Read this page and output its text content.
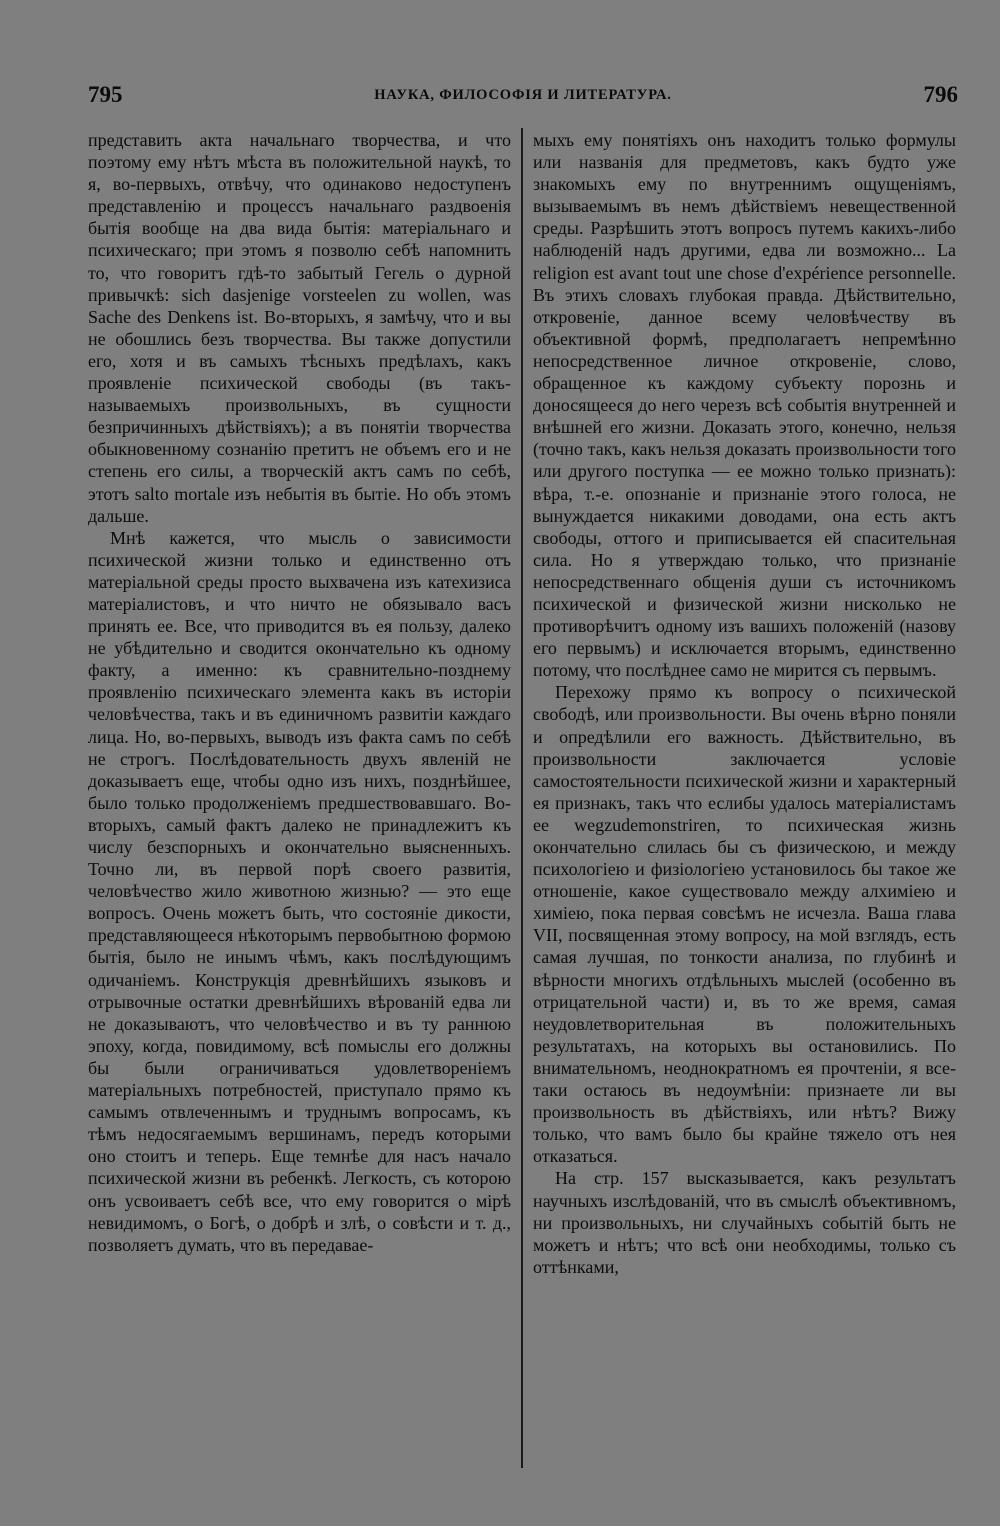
795	НАУКА, ФИЛОСОФІЯ И ЛИТЕРАТУРА.	796

представить акта начальнаго творчества, и что поэтому ему нѣтъ мѣста въ положительной наукѣ, то я, во-первыхъ, отвѣчу, что одинаково недоступенъ представленію и процессъ начальнаго раздвоенія бытія вообще на два вида бытія: матеріальнаго и психическаго; при этомъ я позволю себѣ напомнить то, что говоритъ гдѣ-то забытый Гегель о дурной привычкѣ: sich dasjenige vorsteelen zu wollen, was Sache des Denkens ist. Во-вторыхъ, я замѣчу, что и вы не обошлись безъ творчества. Вы также допустили его, хотя и въ самыхъ тѣсныхъ предѣлахъ, какъ проявленіе психической свободы (въ такъ-называемыхъ произвольныхъ, въ сущности безпричинныхъ дѣйствіяхъ); а въ понятіи творчества обыкновенному сознанію претитъ не объемъ его и не степень его силы, а творческій актъ самъ по себѣ, этотъ salto mortale изъ небытія въ бытіе. Но объ этомъ дальше.

Мнѣ кажется, что мысль о зависимости психической жизни только и единственно отъ матеріальной среды просто выхвачена изъ катехизиса матеріалистовъ, и что ничто не обязывало васъ принять ее. Все, что приводится въ ея пользу, далеко не убѣдительно и сводится окончательно къ одному факту, а именно: къ сравнительно-позднему проявленію психическаго элемента какъ въ исторіи человѣчества, такъ и въ единичномъ развитіи каждаго лица. Но, во-первыхъ, выводъ изъ факта самъ по себѣ не строгъ. Послѣдовательность двухъ явленій не доказываетъ еще, чтобы одно изъ нихъ, позднѣйшее, было только продолженіемъ предшествовавшаго. Во-вторыхъ, самый фактъ далеко не принадлежитъ къ числу безспорныхъ и окончательно выясненныхъ. Точно ли, въ первой порѣ своего развитія, человѣчество жило животною жизнью? — это еще вопросъ. Очень можетъ быть, что состояніе дикости, представляющееся нѣкоторымъ первобытною формою бытія, было не инымъ чѣмъ, какъ послѣдующимъ одичаніемъ. Конструкція древнѣйшихъ языковъ и отрывочные остатки древнѣйшихъ вѣрованій едва ли не доказываютъ, что человѣчество и въ ту раннюю эпоху, когда, повидимому, всѣ помыслы его должны бы были ограничиваться удовлетвореніемъ матеріальныхъ потребностей, приступало прямо къ самымъ отвлеченнымъ и труднымъ вопросамъ, къ тѣмъ недосягаемымъ вершинамъ, передъ которыми оно стоитъ и теперь. Еще темнѣе для насъ начало психической жизни въ ребенкѣ. Легкость, съ которою онъ усвоиваетъ себѣ все, что ему говорится о мірѣ невидимомъ, о Богѣ, о добрѣ и злѣ, о совѣсти и т. д., позволяетъ думать, что въ передавае-

мыхъ ему понятіяхъ онъ находитъ только формулы или названія для предметовъ, какъ будто уже знакомыхъ ему по внутреннимъ ощущеніямъ, вызываемымъ въ немъ дѣйствіемъ невещественной среды. Разрѣшить этотъ вопросъ путемъ какихъ-либо наблюденій надъ другими, едва ли возможно... La religion est avant tout une chose d'expérience personnelle. Въ этихъ словахъ глубокая правда. Дѣйствительно, откровеніе, данное всему человѣчеству въ объективной формѣ, предполагаетъ непремѣнно непосредственное личное откровеніе, слово, обращенное къ каждому субъекту порознь и доносящееся до него черезъ всѣ событія внутренней и внѣшней его жизни. Доказать этого, конечно, нельзя (точно такъ, какъ нельзя доказать произвольности того или другого поступка — ее можно только признать): вѣра, т.-е. опознаніе и признаніе этого голоса, не вынуждается никакими доводами, она есть актъ свободы, оттого и приписывается ей спасительная сила. Но я утверждаю только, что признаніе непосредственнаго общенія души съ источникомъ психической и физической жизни нисколько не противорѣчитъ одному изъ вашихъ положеній (назову его первымъ) и исключается вторымъ, единственно потому, что послѣднее само не мирится съ первымъ.

Перехожу прямо къ вопросу о психической свободѣ, или произвольности. Вы очень вѣрно поняли и опредѣлили его важность. Дѣйствительно, въ произвольности заключается условіе самостоятельности психической жизни и характерный ея признакъ, такъ что еслибы удалось матеріалистамъ ее wegzudemonstriren, то психическая жизнь окончательно слилась бы съ физическою, и между психологіею и физіологіею установилось бы такое же отношеніе, какое существовало между алхиміею и химіею, пока первая совсѣмъ не исчезла. Ваша глава VII, посвященная этому вопросу, на мой взглядъ, есть самая лучшая, по тонкости анализа, по глубинѣ и вѣрности многихъ отдѣльныхъ мыслей (особенно въ отрицательной части) и, въ то же время, самая неудовлетворительная въ положительныхъ результатахъ, на которыхъ вы остановились. По внимательномъ, неоднократномъ ея прочтеніи, я все-таки остаюсь въ недоумѣніи: признаете ли вы произвольность въ дѣйствіяхъ, или нѣтъ? Вижу только, что вамъ было бы крайне тяжело отъ нея отказаться.

На стр. 157 высказывается, какъ результатъ научныхъ изслѣдованій, что въ смыслѣ объективномъ, ни произвольныхъ, ни случайныхъ событій быть не можетъ и нѣтъ; что всѣ они необходимы, только съ оттѣнками,
